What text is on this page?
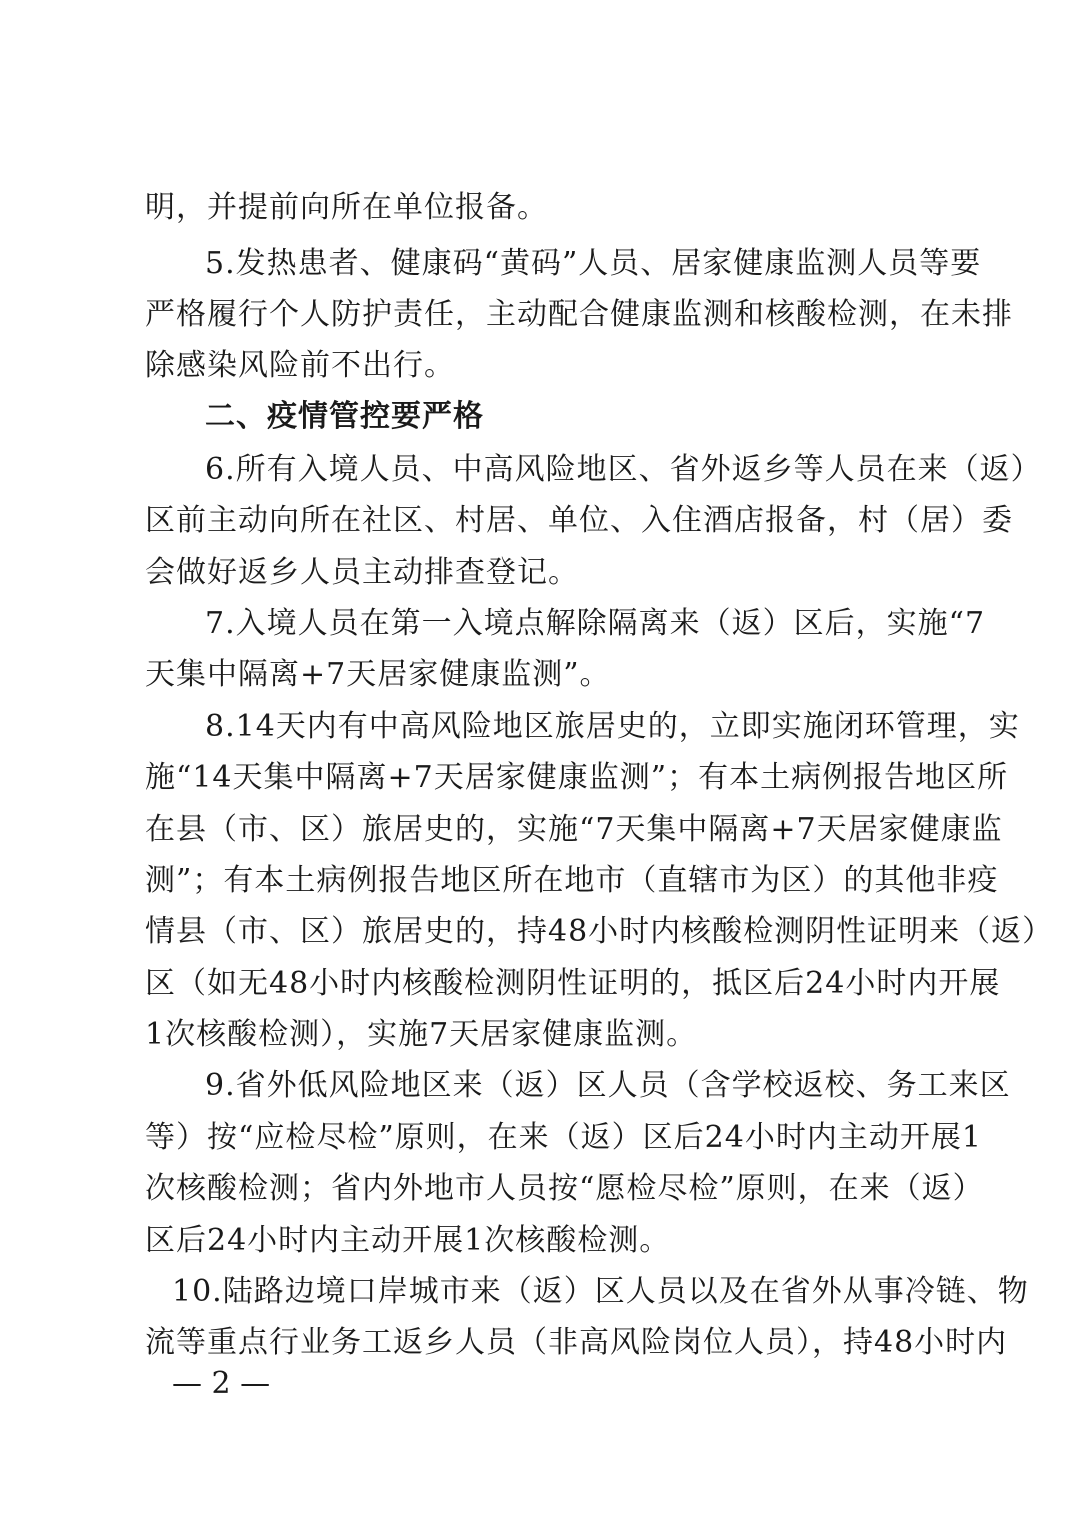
明，并提前向所在单位报备。
5.发热患者、健康码“黄码”人员、居家健康监测人员等要
严格履行个人防护责任，主动配合健康监测和核酸检测，在未排
除感染风险前不出行。
二、疫情管控要严格
6.所有入境人员、中高风险地区、省外返乡等人员在来（返）
区前主动向所在社区、村居、单位、入住酒店报备，村（居）委
会做好返乡人员主动排查登记。
7.入境人员在第一入境点解除隔离来（返）区后，实施“7
天集中隔离+7天居家健康监测”。
8.14天内有中高风险地区旅居史的，立即实施闭环管理，实
施“14天集中隔离+7天居家健康监测”；有本土病例报告地区所
在县（市、区）旅居史的，实施“7天集中隔离+7天居家健康监
测”；有本土病例报告地区所在地市（直辖市为区）的其他非疫
情县（市、区）旅居史的，持48小时内核酸检测阴性证明来（返）
区（如无48小时内核酸检测阴性证明的，抵区后24小时内开展
1次核酸检测），实施7天居家健康监测。
9.省外低风险地区来（返）区人员（含学校返校、务工来区
等）按“应检尽检”原则，在来（返）区后24小时内主动开展1
次核酸检测；省内外地市人员按“愿检尽检”原则，在来（返）
区后24小时内主动开展1次核酸检测。
10.陆路边境口岸城市来（返）区人员以及在省外从事冷链、物
流等重点行业务工返乡人员（非高风险岗位人员），持48小时内
— 2 —
